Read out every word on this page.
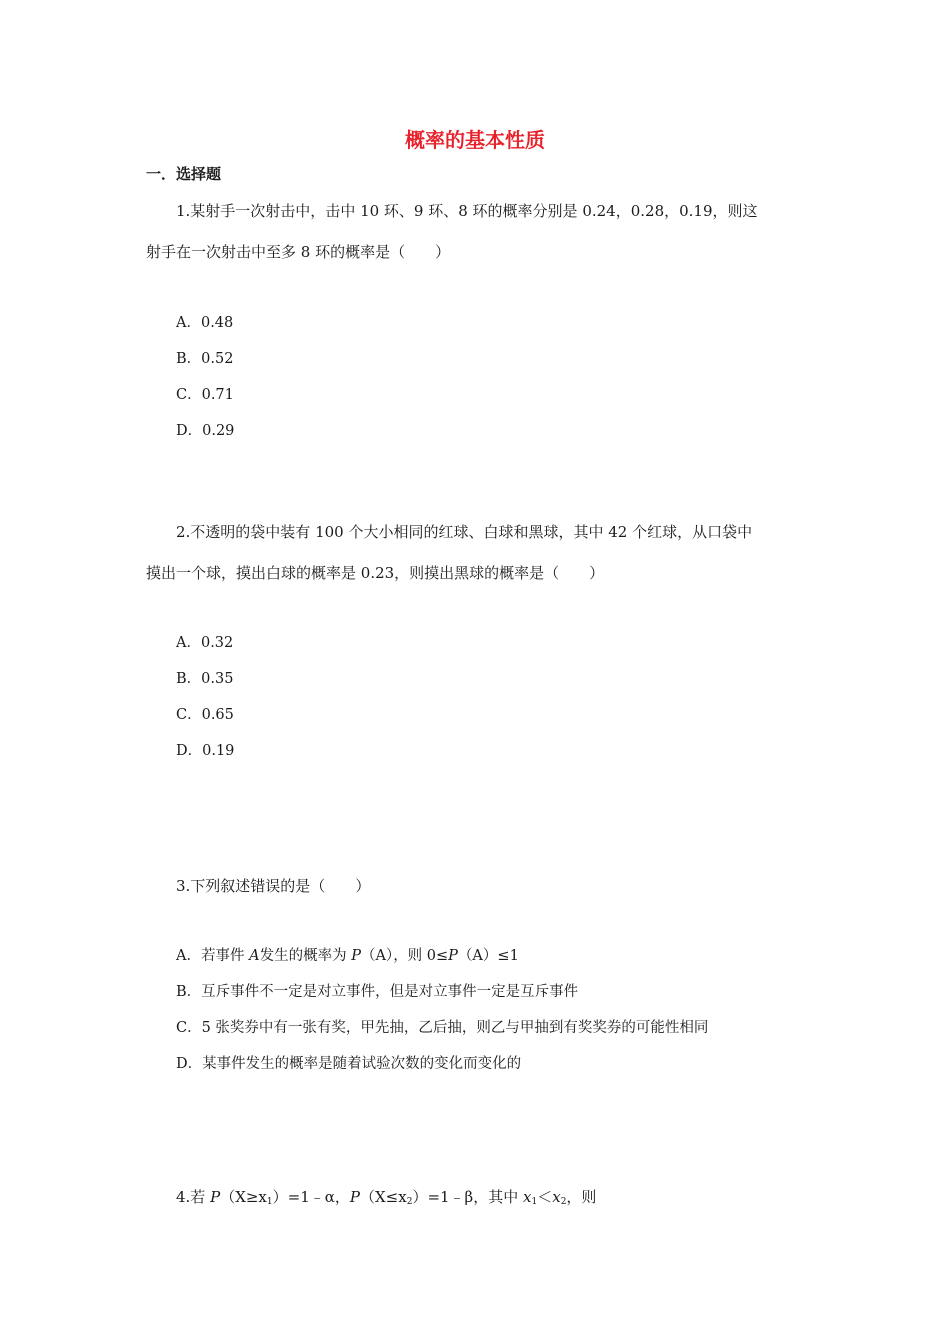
概率的基本性质
一．选择题
1.某射手一次射击中，击中 10 环、9 环、8 环的概率分别是 0.24，0.28，0.19，则这
射手在一次射击中至多 8 环的概率是（　　）
A．0.48
B．0.52
C．0.71
D．0.29
2.不透明的袋中装有 100 个大小相同的红球、白球和黑球，其中 42 个红球，从口袋中
摸出一个球，摸出白球的概率是 0.23，则摸出黑球的概率是（　　）
A．0.32
B．0.35
C．0.65
D．0.19
3.下列叙述错误的是（　　）
A．若事件 A发生的概率为 P（A），则 0≤P（A）≤1
B．互斥事件不一定是对立事件，但是对立事件一定是互斥事件
C．5 张奖券中有一张有奖，甲先抽，乙后抽，则乙与甲抽到有奖奖券的可能性相同
D．某事件发生的概率是随着试验次数的变化而变化的
4.若 $P(X\ge x_1)=1﹣\alpha$，$P(X\le x_2)=1﹣\beta$，其中 $x_1<x_2$，则
